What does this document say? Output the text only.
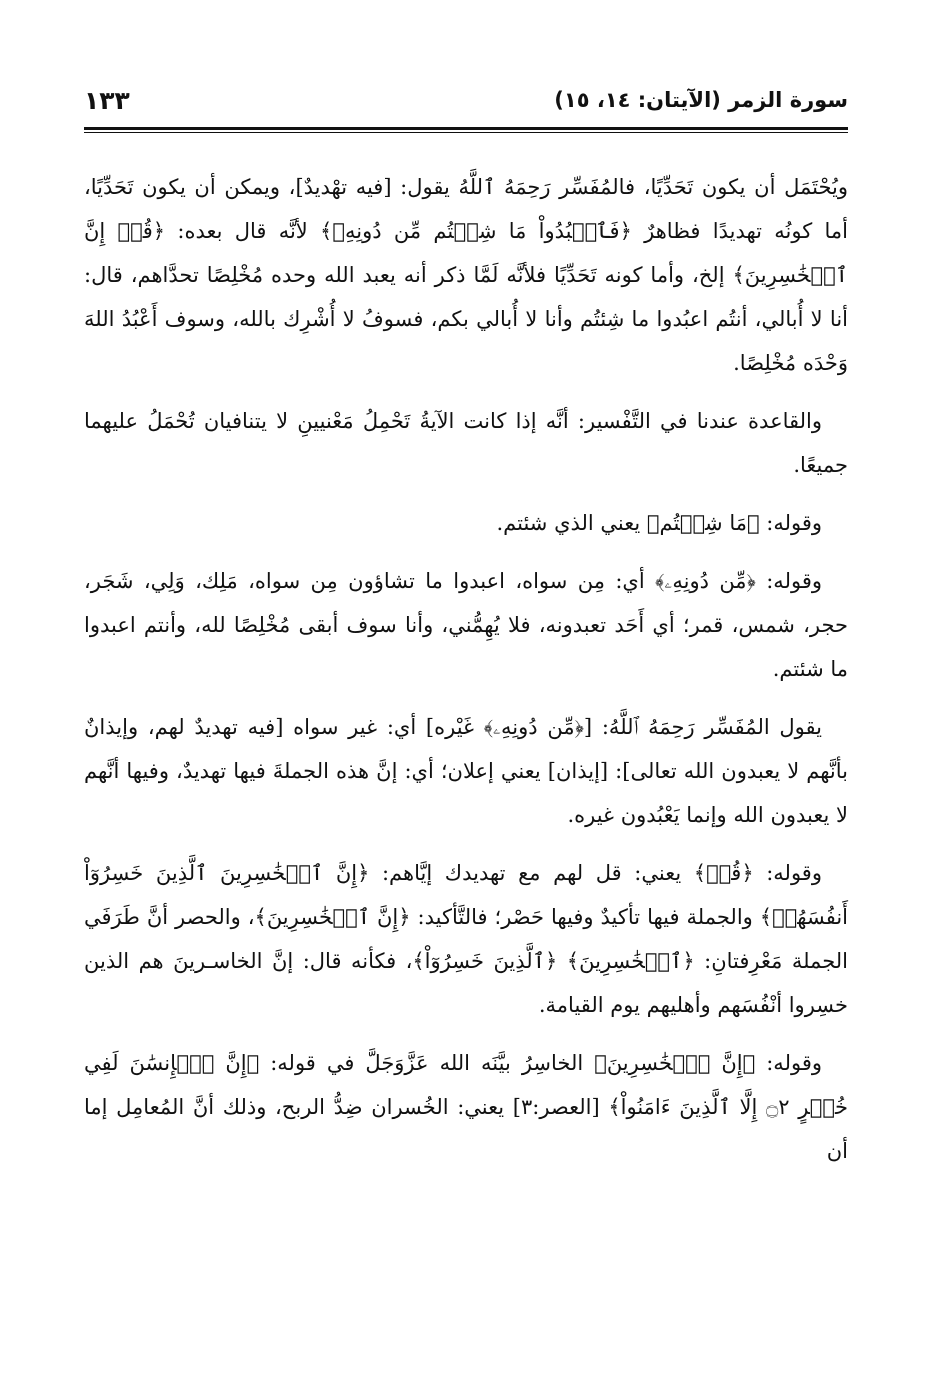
سورة الزمر (الآيتان: ١٤، ١٥)
١٣٣

ويُحْتَمَل أن يكون تَحَدِّيًا، فالمُفَسِّر رَحِمَهُ ٱللَّهُ يقول: [فيه تهْديدٌ]، ويمكن أن يكون تَحَدِّيًا، أما كونُه تهديدًا فظاهرٌ ﴿فَٱعۡبُدُواْ مَا شِئۡتُم مِّن دُونِهِۦ﴾ لأنَّه قال بعده: ﴿قُلۡ إِنَّ ٱلۡخَٰسِرِينَ﴾ إلخ، وأما كونه تَحَدِّيًا فلأنَّه لَمَّا ذكر أنه يعبد الله وحده مُخْلِصًا تحدَّاهم، قال: أنا لا أُبالي، أنتُم اعبُدوا ما شِئتُم وأنا لا أُبالي بكم، فسوفُ لا أُشْرِك بالله، وسوف أَعْبُدُ اللهَ وَحْدَه مُخْلِصًا.

والقاعدة عندنا في التَّفْسير: أنَّه إذا كانت الآيةُ تَحْمِلُ مَعْنيينِ لا يتنافيان تُحْمَلُ عليهما جميعًا.

وقوله: ﴿مَا شِئۡتُم﴾ يعني الذي شئتم.

وقوله: ﴿مِّن دُونِهِۦ﴾ أي: مِن سواه، اعبدوا ما تشاؤون مِن سواه، مَلِك، وَلِي، شَجَر، حجر، شمس، قمر؛ أي أَحَد تعبدونه، فلا يُهِمُّني، وأنا سوف أبقى مُخْلِصًا لله، وأنتم اعبدوا ما شئتم.

يقول المُفَسِّر رَحِمَهُ ٱللَّهُ: [﴿مِّن دُونِهِۦ﴾ غَيْره] أي: غير سواه [فيه تهديدٌ لهم، وإيذانٌ بأنَّهم لا يعبدون الله تعالى]: [إيذان] يعني إعلان؛ أي: إنَّ هذه الجملةَ فيها تهديدٌ، وفيها أنَّهم لا يعبدون الله وإنما يَعْبُدون غيره.

وقوله: ﴿قُلۡ﴾ يعني: قل لهم مع تهديدك إيَّاهم: ﴿إِنَّ ٱلۡخَٰسِرِينَ ٱلَّذِينَ خَسِرُوٓاْ أَنفُسَهُمۡ﴾ والجملة فيها تأكيدٌ وفيها حَصْر؛ فالتَّأكيد: ﴿إِنَّ ٱلۡخَٰسِرِينَ﴾، والحصر أنَّ طَرَفَي الجملة مَعْرِفتانِ: ﴿ٱلۡخَٰسِرِينَ﴾ ﴿ٱلَّذِينَ خَسِرُوٓاْ﴾، فكأنه قال: إنَّ الخاسـرينَ هم الذين خسِروا أنْفُسَهم وأهليهم يوم القيامة.

وقوله: ﴿إِنَّ ٱلۡخَٰسِرِينَ﴾ الخاسِرُ بيَّنَه الله عَزَّوَجَلَّ في قوله: ﴿إِنَّ ٱلۡإِنسَٰنَ لَفِي خُسۡرٍ ۝٢ إِلَّا ٱلَّذِينَ ءَامَنُواْ﴾ [العصر:٣] يعني: الخُسران ضِدُّ الربح، وذلك أنَّ المُعامِل إما أن
